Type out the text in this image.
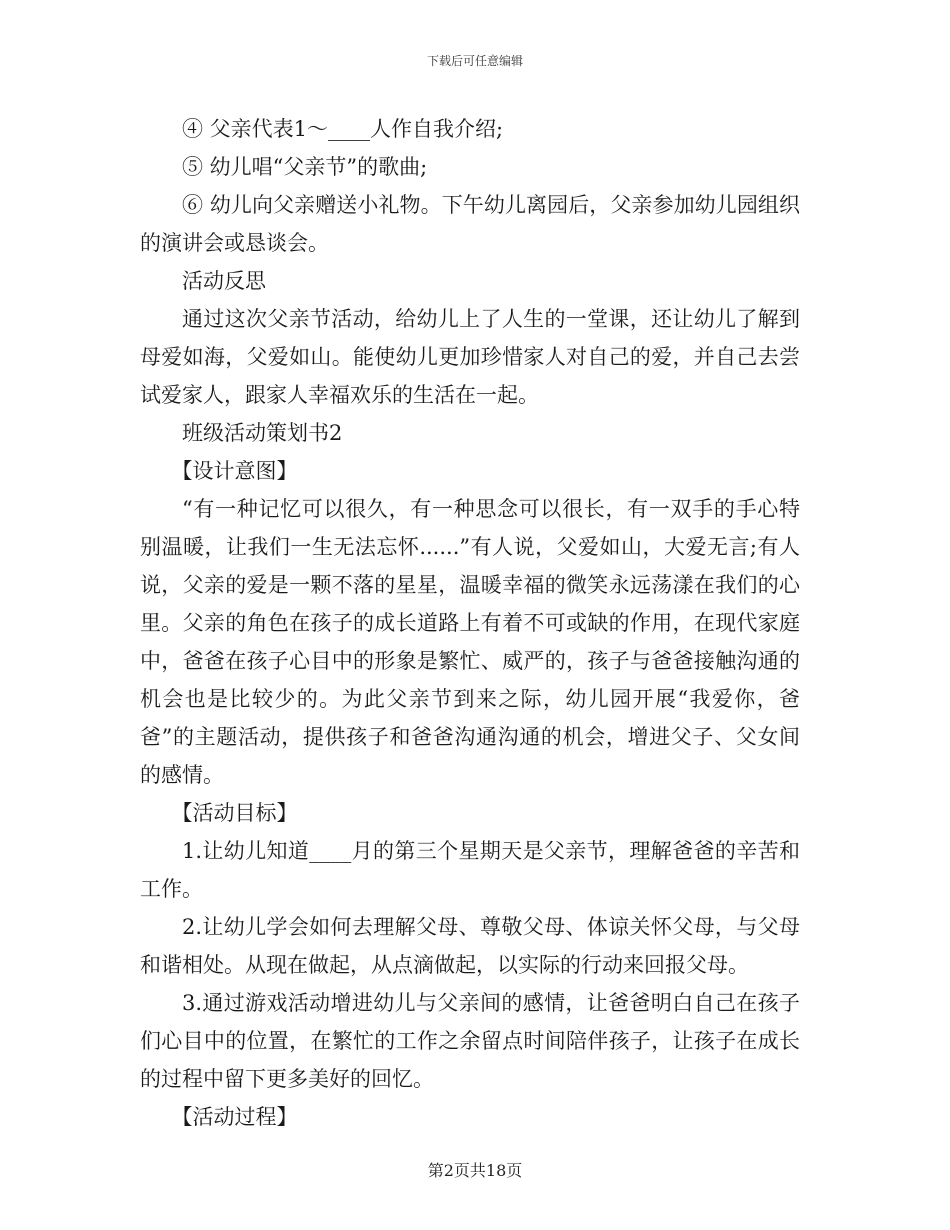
下载后可任意编辑

④ 父亲代表1～____人作自我介绍;

⑤ 幼儿唱“父亲节”的歌曲;

⑥ 幼儿向父亲赠送小礼物。下午幼儿离园后，父亲参加幼儿园组织的演讲会或恳谈会。

活动反思

通过这次父亲节活动，给幼儿上了人生的一堂课，还让幼儿了解到母爱如海，父爱如山。能使幼儿更加珍惜家人对自己的爱，并自己去尝试爱家人，跟家人幸福欢乐的生活在一起。

班级活动策划书2

【设计意图】

“有一种记忆可以很久，有一种思念可以很长，有一双手的手心特别温暖，让我们一生无法忘怀......”有人说，父爱如山，大爱无言;有人说，父亲的爱是一颗不落的星星，温暖幸福的微笑永远荡漾在我们的心里。父亲的角色在孩子的成长道路上有着不可或缺的作用，在现代家庭中，爸爸在孩子心目中的形象是繁忙、威严的，孩子与爸爸接触沟通的机会也是比较少的。为此父亲节到来之际，幼儿园开展“我爱你，爸爸”的主题活动，提供孩子和爸爸沟通沟通的机会，增进父子、父女间的感情。

【活动目标】

1.让幼儿知道____月的第三个星期天是父亲节，理解爸爸的辛苦和工作。

2.让幼儿学会如何去理解父母、尊敬父母、体谅关怀父母，与父母和谐相处。从现在做起，从点滴做起，以实际的行动来回报父母。

3.通过游戏活动增进幼儿与父亲间的感情，让爸爸明白自己在孩子们心目中的位置，在繁忙的工作之余留点时间陪伴孩子，让孩子在成长的过程中留下更多美好的回忆。

【活动过程】

第2页共18页
